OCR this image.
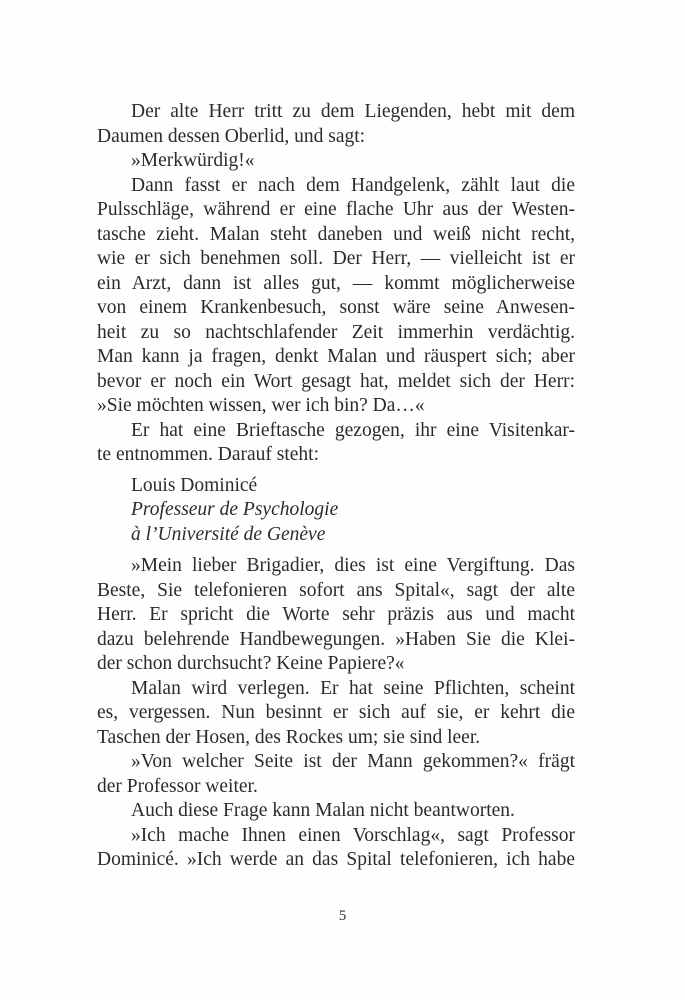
Der alte Herr tritt zu dem Liegenden, hebt mit dem
Daumen dessen Oberlid, und sagt:
»Merkwürdig!«
Dann fasst er nach dem Handgelenk, zählt laut die
Pulsschläge, während er eine flache Uhr aus der Westen-
tasche zieht. Malan steht daneben und weiß nicht recht,
wie er sich benehmen soll. Der Herr, — vielleicht ist er
ein Arzt, dann ist alles gut, — kommt möglicherweise
von einem Krankenbesuch, sonst wäre seine Anwesen-
heit zu so nachtschlafender Zeit immerhin verdächtig.
Man kann ja fragen, denkt Malan und räuspert sich; aber
bevor er noch ein Wort gesagt hat, meldet sich der Herr:
»Sie möchten wissen, wer ich bin? Da…«
Er hat eine Brieftasche gezogen, ihr eine Visitenkar-
te entnommen. Darauf steht:
Louis Dominicé
Professeur de Psychologie
à l’Université de Genève
»Mein lieber Brigadier, dies ist eine Vergiftung. Das
Beste, Sie telefonieren sofort ans Spital«, sagt der alte
Herr. Er spricht die Worte sehr präzis aus und macht
dazu belehrende Handbewegungen. »Haben Sie die Klei-
der schon durchsucht? Keine Papiere?«
Malan wird verlegen. Er hat seine Pflichten, scheint
es, vergessen. Nun besinnt er sich auf sie, er kehrt die
Taschen der Hosen, des Rockes um; sie sind leer.
»Von welcher Seite ist der Mann gekommen?« frägt
der Professor weiter.
Auch diese Frage kann Malan nicht beantworten.
»Ich mache Ihnen einen Vorschlag«, sagt Professor
Dominicé. »Ich werde an das Spital telefonieren, ich habe
5
